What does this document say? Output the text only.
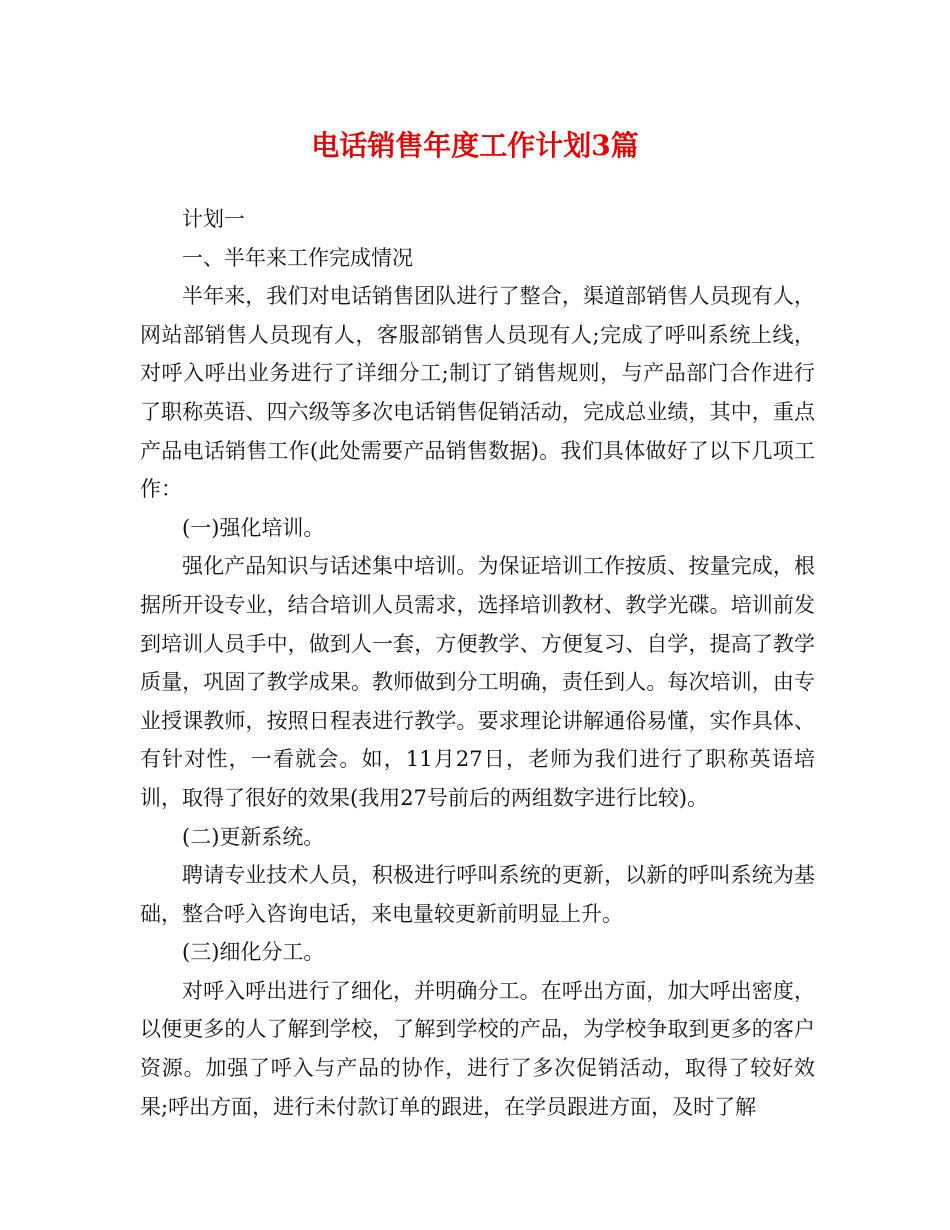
电话销售年度工作计划3篇

计划一

一、半年来工作完成情况

半年来，我们对电话销售团队进行了整合，渠道部销售人员现有人，网站部销售人员现有人，客服部销售人员现有人;完成了呼叫系统上线，对呼入呼出业务进行了详细分工;制订了销售规则，与产品部门合作进行了职称英语、四六级等多次电话销售促销活动，完成总业绩，其中，重点产品电话销售工作(此处需要产品销售数据)。我们具体做好了以下几项工作：

(一)强化培训。

强化产品知识与话述集中培训。为保证培训工作按质、按量完成，根据所开设专业，结合培训人员需求，选择培训教材、教学光碟。培训前发到培训人员手中，做到人一套，方便教学、方便复习、自学，提高了教学质量，巩固了教学成果。教师做到分工明确，责任到人。每次培训，由专业授课教师，按照日程表进行教学。要求理论讲解通俗易懂，实作具体、有针对性，一看就会。如，11月27日，老师为我们进行了职称英语培训，取得了很好的效果(我用27号前后的两组数字进行比较)。

(二)更新系统。

聘请专业技术人员，积极进行呼叫系统的更新，以新的呼叫系统为基础，整合呼入咨询电话，来电量较更新前明显上升。

(三)细化分工。

对呼入呼出进行了细化，并明确分工。在呼出方面，加大呼出密度，以便更多的人了解到学校，了解到学校的产品，为学校争取到更多的客户资源。加强了呼入与产品的协作，进行了多次促销活动，取得了较好效果;呼出方面，进行未付款订单的跟进，在学员跟进方面，及时了解
